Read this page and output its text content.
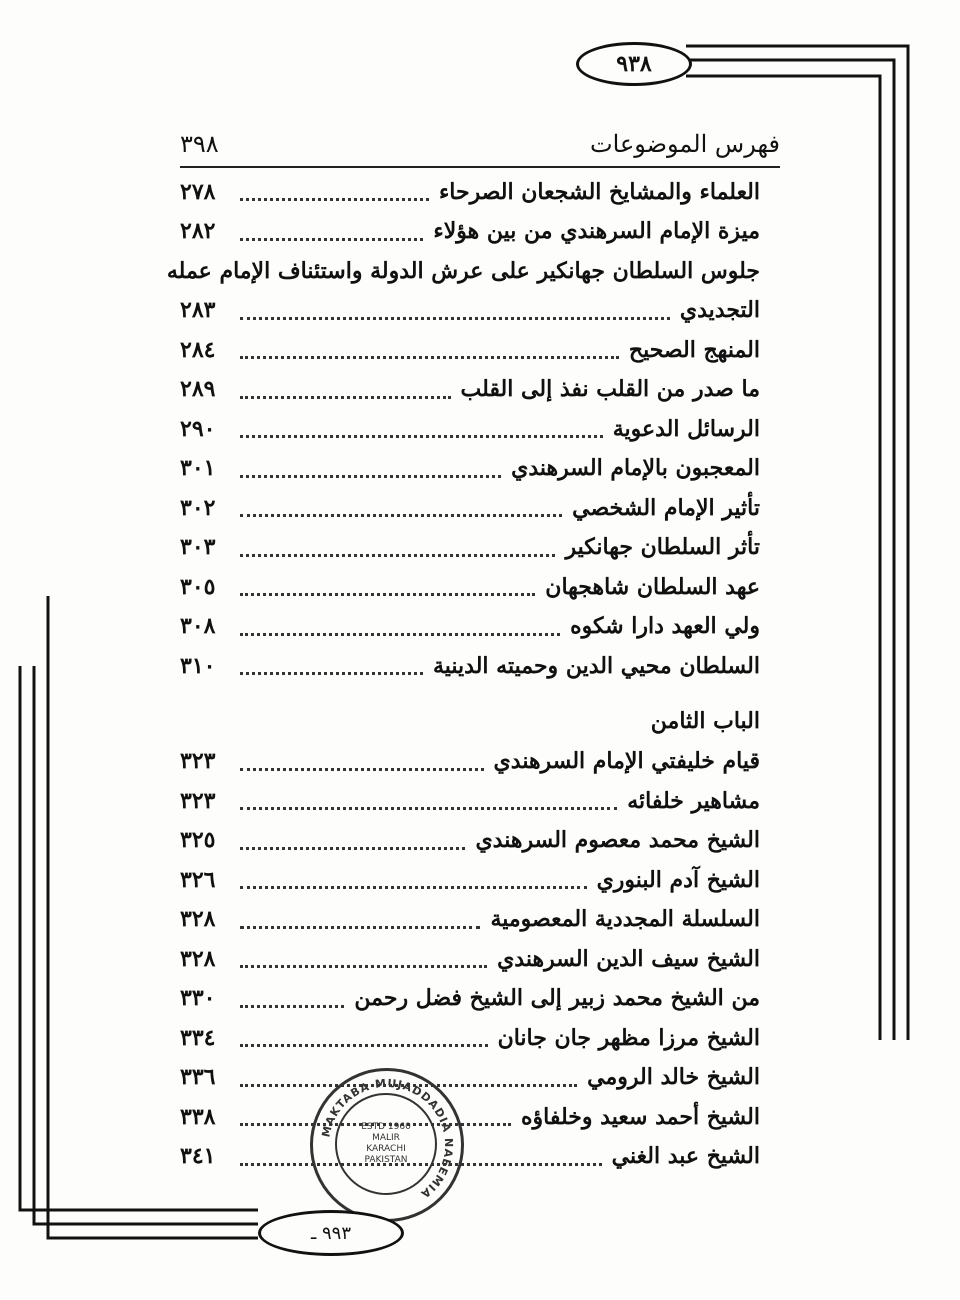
٩٣٨
فهرس الموضوعات
٣٩٨
العلماء والمشايخ الشجعان الصرحاء
٢٧٨
ميزة الإمام السرهندي من بين هؤلاء
٢٨٢
جلوس السلطان جهانكير على عرش الدولة واستئناف الإمام عمله
التجديدي
٢٨٣
المنهج الصحيح
٢٨٤
ما صدر من القلب نفذ إلى القلب
٢٨٩
الرسائل الدعوية
٢٩٠
المعجبون بالإمام السرهندي
٣٠١
تأثير الإمام الشخصي
٣٠٢
تأثر السلطان جهانكير
٣٠٣
عهد السلطان شاهجهان
٣٠٥
ولي العهد دارا شكوه
٣٠٨
السلطان محيي الدين وحميته الدينية
٣١٠
الباب الثامن
قيام خليفتي الإمام السرهندي
٣٢٣
مشاهير خلفائه
٣٢٣
الشيخ محمد معصوم السرهندي
٣٢٥
الشيخ آدم البنوري
٣٢٦
السلسلة المجددية المعصومية
٣٢٨
الشيخ سيف الدين السرهندي
٣٢٨
من الشيخ محمد زبير إلى الشيخ فضل رحمن
٣٣٠
الشيخ مرزا مظهر جان جانان
٣٣٤
الشيخ خالد الرومي
٣٣٦
الشيخ أحمد سعيد وخلفاؤه
٣٣٨
الشيخ عبد الغني
٣٤١
MAKTABA MUJADDADIA NAEEMIA
ESTD 1960
MALIR
KARACHI
PAKISTAN
٩٩٣ ـ
